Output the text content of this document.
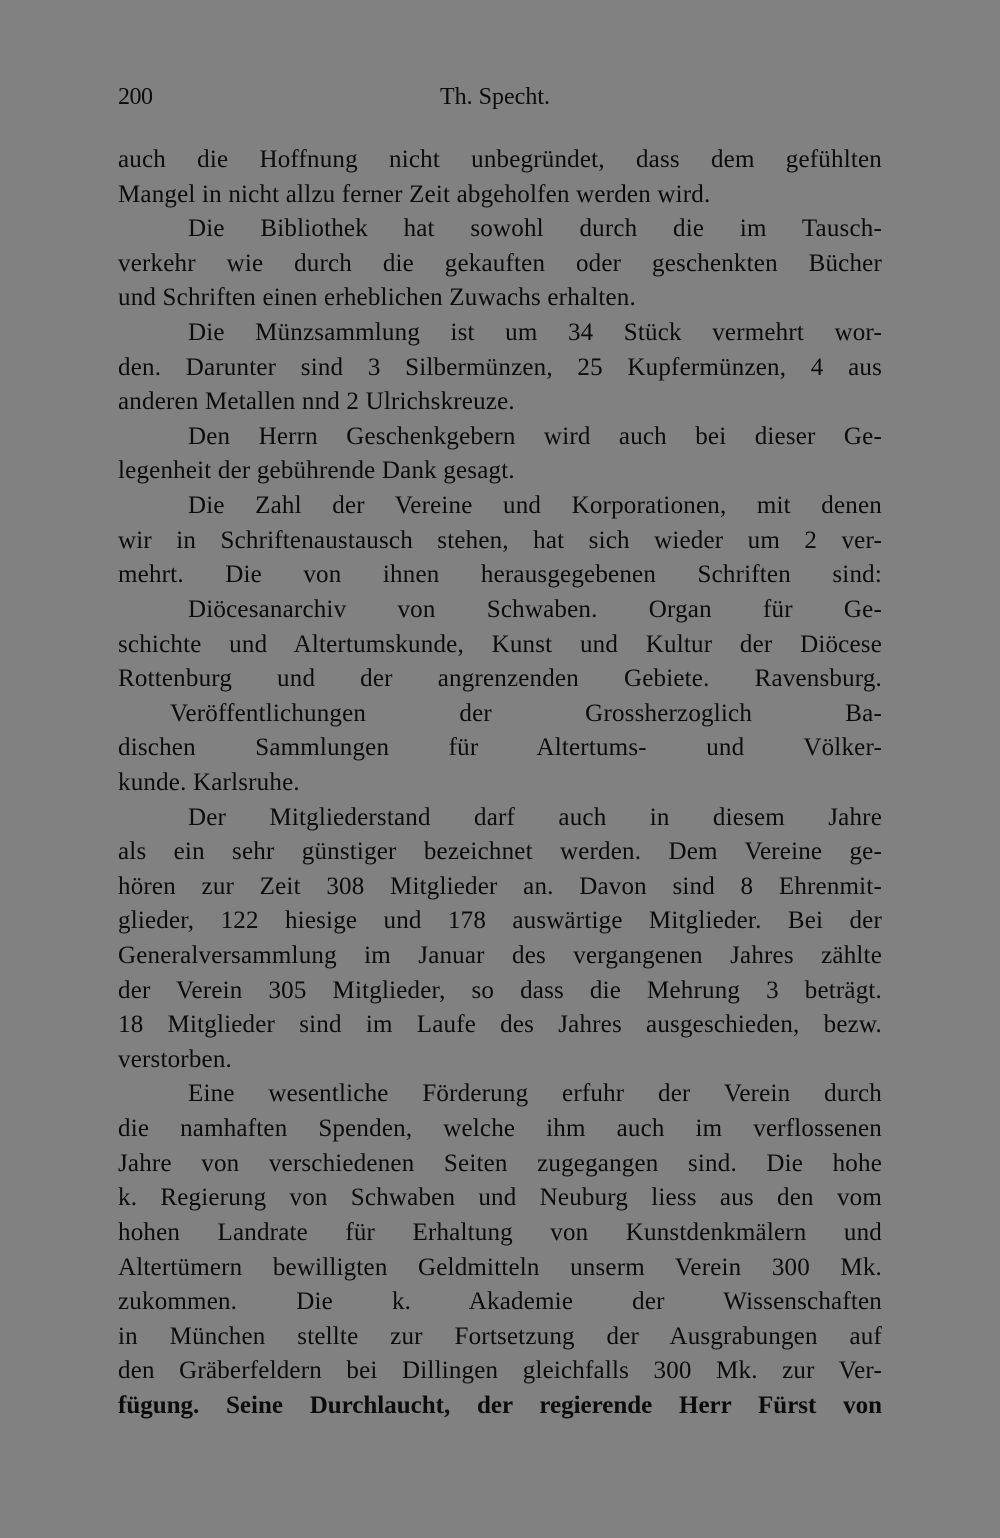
200	Th. Specht.
auch die Hoffnung nicht unbegründet, dass dem gefühlten
Mangel in nicht allzu ferner Zeit abgeholfen werden wird.
Die Bibliothek hat sowohl durch die im Tausch-
verkehr wie durch die gekauften oder geschenkten Bücher
und Schriften einen erheblichen Zuwachs erhalten.
Die Münzsammlung ist um 34 Stück vermehrt wor-
den. Darunter sind 3 Silbermünzen, 25 Kupfermünzen, 4 aus
anderen Metallen nnd 2 Ulrichskreuze.
Den Herrn Geschenkgebern wird auch bei dieser Ge-
legenheit der gebührende Dank gesagt.
Die Zahl der Vereine und Korporationen, mit denen
wir in Schriftenaustausch stehen, hat sich wieder um 2 ver-
mehrt. Die von ihnen herausgegebenen Schriften sind:
Diöcesanarchiv von Schwaben. Organ für Ge-
schichte und Altertumskunde, Kunst und Kultur der Diöcese
Rottenburg und der angrenzenden Gebiete. Ravensburg.
Veröffentlichungen der Grossherzoglich Ba-
dischen Sammlungen für Altertums- und Völker-
kunde. Karlsruhe.
Der Mitgliederstand darf auch in diesem Jahre
als ein sehr günstiger bezeichnet werden. Dem Vereine ge-
hören zur Zeit 308 Mitglieder an. Davon sind 8 Ehrenmit-
glieder, 122 hiesige und 178 auswärtige Mitglieder. Bei der
Generalversammlung im Januar des vergangenen Jahres zählte
der Verein 305 Mitglieder, so dass die Mehrung 3 beträgt.
18 Mitglieder sind im Laufe des Jahres ausgeschieden, bezw.
verstorben.
Eine wesentliche Förderung erfuhr der Verein durch
die namhaften Spenden, welche ihm auch im verflossenen
Jahre von verschiedenen Seiten zugegangen sind. Die hohe
k. Regierung von Schwaben und Neuburg liess aus den vom
hohen Landrate für Erhaltung von Kunstdenkmälern und
Altertümern bewilligten Geldmitteln unserm Verein 300 Mk.
zukommen. Die k. Akademie der Wissenschaften
in München stellte zur Fortsetzung der Ausgrabungen auf
den Gräberfeldern bei Dillingen gleichfalls 300 Mk. zur Ver-
fügung. Seine Durchlaucht, der regierende Herr Fürst von
